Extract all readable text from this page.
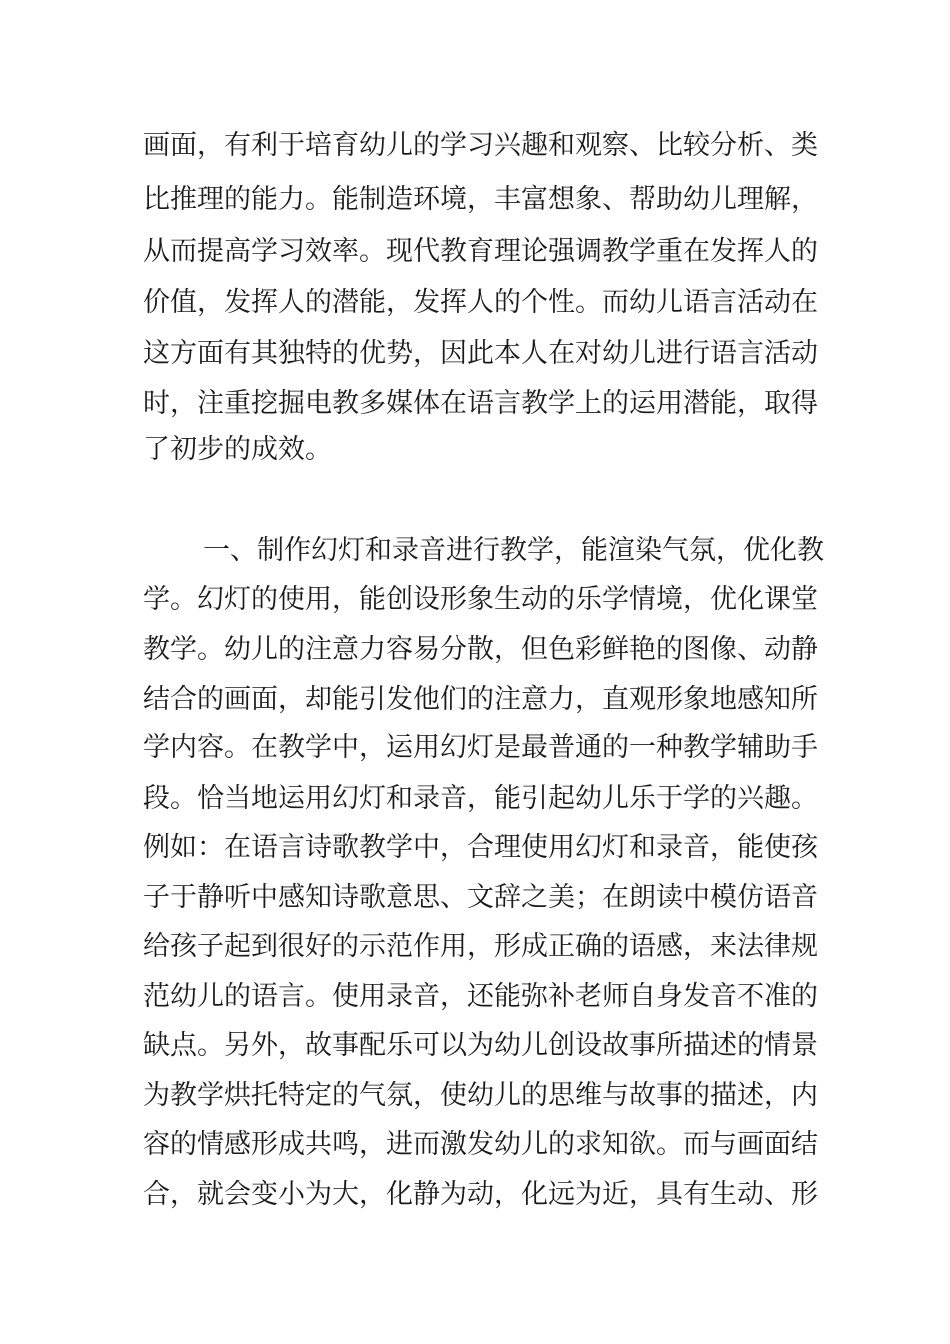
画面，有利于培育幼儿的学习兴趣和观察、比较分析、类
比推理的能力。能制造环境，丰富想象、帮助幼儿理解，
从而提高学习效率。现代教育理论强调教学重在发挥人的
价值，发挥人的潜能，发挥人的个性。而幼儿语言活动在
这方面有其独特的优势，因此本人在对幼儿进行语言活动
时，注重挖掘电教多媒体在语言教学上的运用潜能，取得
了初步的成效。
一、制作幻灯和录音进行教学，能渲染气氛，优化教
学。幻灯的使用，能创设形象生动的乐学情境，优化课堂
教学。幼儿的注意力容易分散，但色彩鲜艳的图像、动静
结合的画面，却能引发他们的注意力，直观形象地感知所
学内容。在教学中，运用幻灯是最普通的一种教学辅助手
段。恰当地运用幻灯和录音，能引起幼儿乐于学的兴趣。
例如：在语言诗歌教学中，合理使用幻灯和录音，能使孩
子于静听中感知诗歌意思、文辞之美；在朗读中模仿语音
给孩子起到很好的示范作用，形成正确的语感，来法律规
范幼儿的语言。使用录音，还能弥补老师自身发音不准的
缺点。另外，故事配乐可以为幼儿创设故事所描述的情景
为教学烘托特定的气氛，使幼儿的思维与故事的描述，内
容的情感形成共鸣，进而激发幼儿的求知欲。而与画面结
合，就会变小为大，化静为动，化远为近，具有生动、形
